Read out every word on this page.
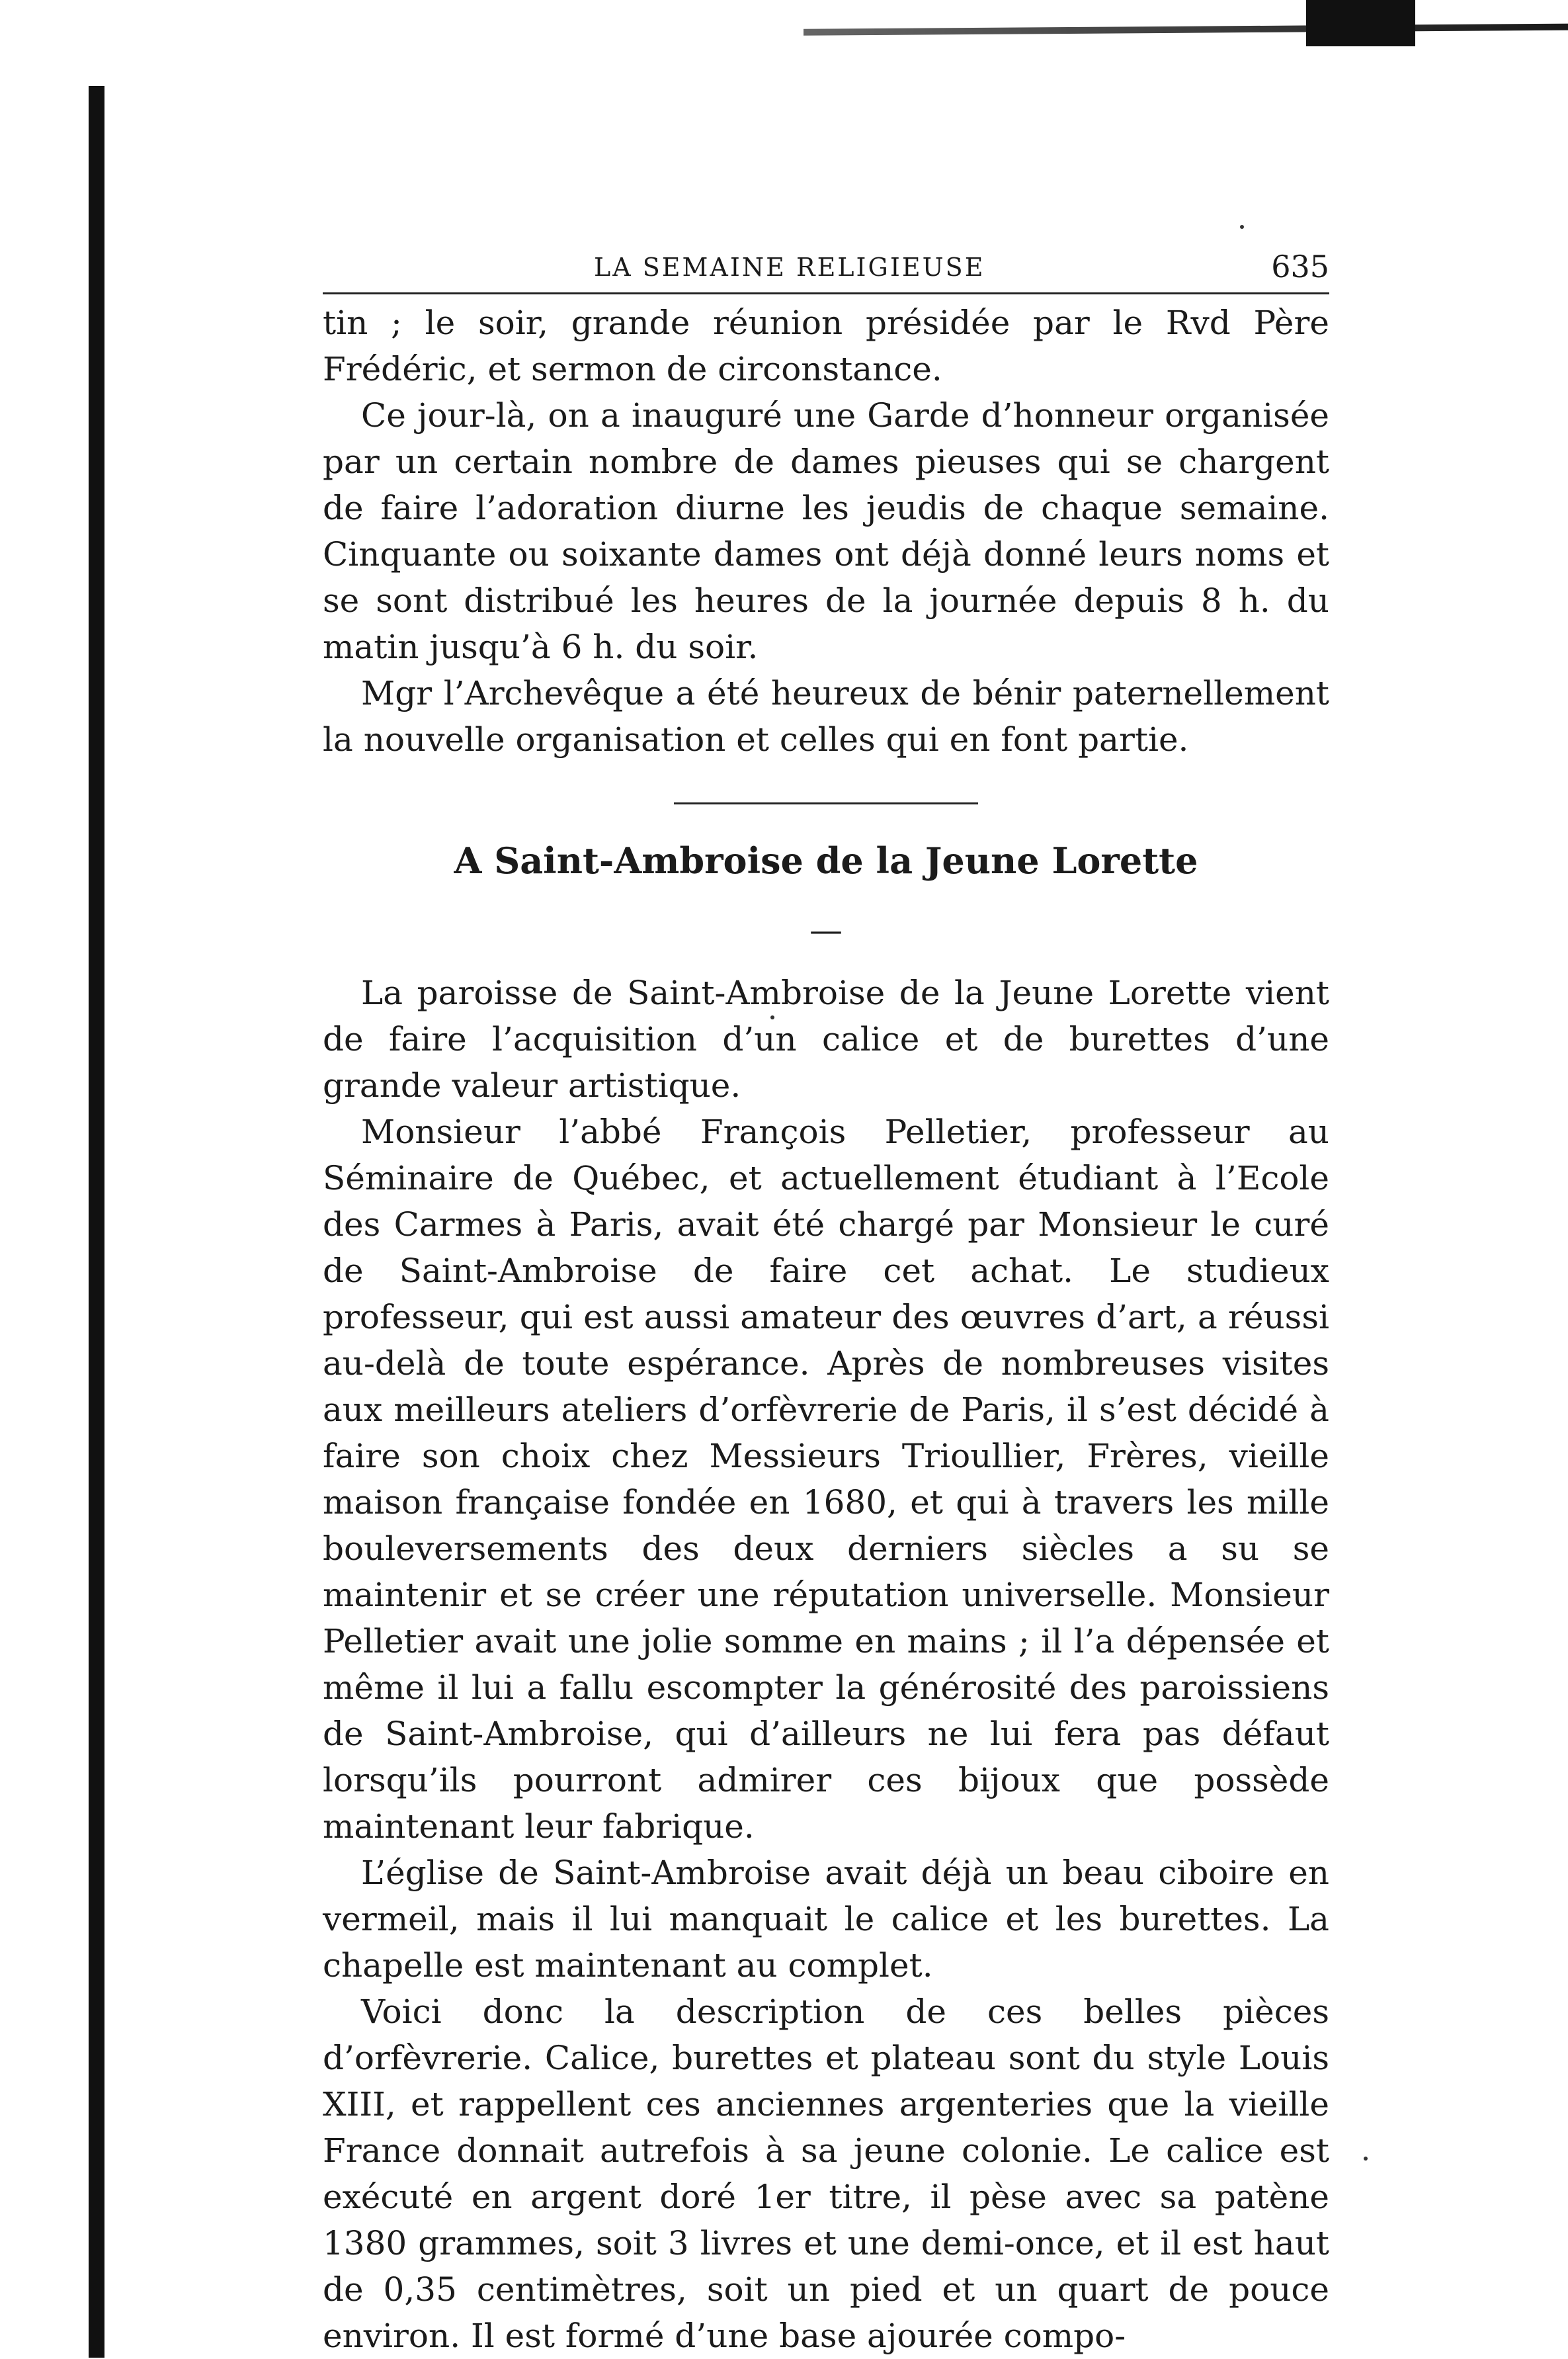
LA SEMAINE RELIGIEUSE	635

tin ; le soir, grande réunion présidée par le Rvd Père Frédéric, et sermon de circonstance.

Ce jour-là, on a inauguré une Garde d’honneur organisée par un certain nombre de dames pieuses qui se chargent de faire l’adoration diurne les jeudis de chaque semaine. Cinquante ou soixante dames ont déjà donné leurs noms et se sont distribué les heures de la journée depuis 8 h. du matin jusqu’à 6 h. du soir.

Mgr l’Archevêque a été heureux de bénir paternellement la nouvelle organisation et celles qui en font partie.

A Saint-Ambroise de la Jeune Lorette
—

La paroisse de Saint-Ambroise de la Jeune Lorette vient de faire l’acquisition d’un calice et de burettes d’une grande valeur artistique.

Monsieur l’abbé François Pelletier, professeur au Séminaire de Québec, et actuellement étudiant à l’Ecole des Carmes à Paris, avait été chargé par Monsieur le curé de Saint-Ambroise de faire cet achat. Le studieux professeur, qui est aussi amateur des œuvres d’art, a réussi au-delà de toute espérance. Après de nombreuses visites aux meilleurs ateliers d’orfèvrerie de Paris, il s’est décidé à faire son choix chez Messieurs Trioullier, Frères, vieille maison française fondée en 1680, et qui à travers les mille bouleversements des deux derniers siècles a su se maintenir et se créer une réputation universelle. Monsieur Pelletier avait une jolie somme en mains ; il l’a dépensée et même il lui a fallu escompter la générosité des paroissiens de Saint-Ambroise, qui d’ailleurs ne lui fera pas défaut lorsqu’ils pourront admirer ces bijoux que possède maintenant leur fabrique.

L’église de Saint-Ambroise avait déjà un beau ciboire en vermeil, mais il lui manquait le calice et les burettes. La chapelle est maintenant au complet.

Voici donc la description de ces belles pièces d’orfèvrerie. Calice, burettes et plateau sont du style Louis XIII, et rappellent ces anciennes argenteries que la vieille France donnait autrefois à sa jeune colonie. Le calice est exécuté en argent doré 1er titre, il pèse avec sa patène 1380 grammes, soit 3 livres et une demi-once, et il est haut de 0,35 centimètres, soit un pied et un quart de pouce environ. Il est formé d’une base ajourée compo-
